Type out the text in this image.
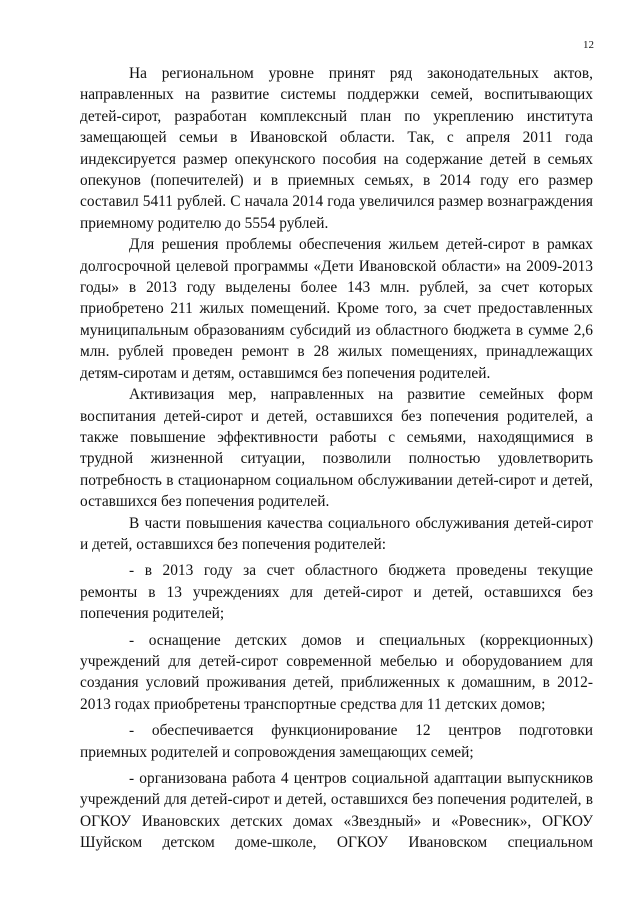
12

На региональном уровне принят ряд законодательных актов, направленных на развитие системы поддержки семей, воспитывающих детей-сирот, разработан комплексный план по укреплению института замещающей семьи в Ивановской области. Так, с апреля 2011 года индексируется размер опекунского пособия на содержание детей в семьях опекунов (попечителей) и в приемных семьях, в 2014 году его размер составил 5411 рублей. С начала 2014 года увеличился размер вознаграждения приемному родителю до 5554 рублей.

Для решения проблемы обеспечения жильем детей-сирот в рамках долгосрочной целевой программы «Дети Ивановской области» на 2009-2013 годы» в 2013 году выделены более 143 млн. рублей, за счет которых приобретено 211 жилых помещений. Кроме того, за счет предоставленных муниципальным образованиям субсидий из областного бюджета в сумме 2,6 млн. рублей проведен ремонт в 28 жилых помещениях, принадлежащих детям-сиротам и детям, оставшимся без попечения родителей.

Активизация мер, направленных на развитие семейных форм воспитания детей-сирот и детей, оставшихся без попечения родителей, а также повышение эффективности работы с семьями, находящимися в трудной жизненной ситуации, позволили полностью удовлетворить потребность в стационарном социальном обслуживании детей-сирот и детей, оставшихся без попечения родителей.

В части повышения качества социального обслуживания детей-сирот и детей, оставшихся без попечения родителей:

- в 2013 году за счет областного бюджета проведены текущие ремонты в 13 учреждениях для детей-сирот и детей, оставшихся без попечения родителей;

- оснащение детских домов и специальных (коррекционных) учреждений для детей-сирот современной мебелью и оборудованием для создания условий проживания детей, приближенных к домашним, в 2012-2013 годах приобретены транспортные средства для 11 детских домов;

- обеспечивается функционирование 12 центров подготовки приемных родителей и сопровождения замещающих семей;

- организована работа 4 центров социальной адаптации выпускников учреждений для детей-сирот и детей, оставшихся без попечения родителей, в ОГКОУ Ивановских детских домах «Звездный» и «Ровесник», ОГКОУ Шуйском детском доме-школе, ОГКОУ Ивановском специальном
